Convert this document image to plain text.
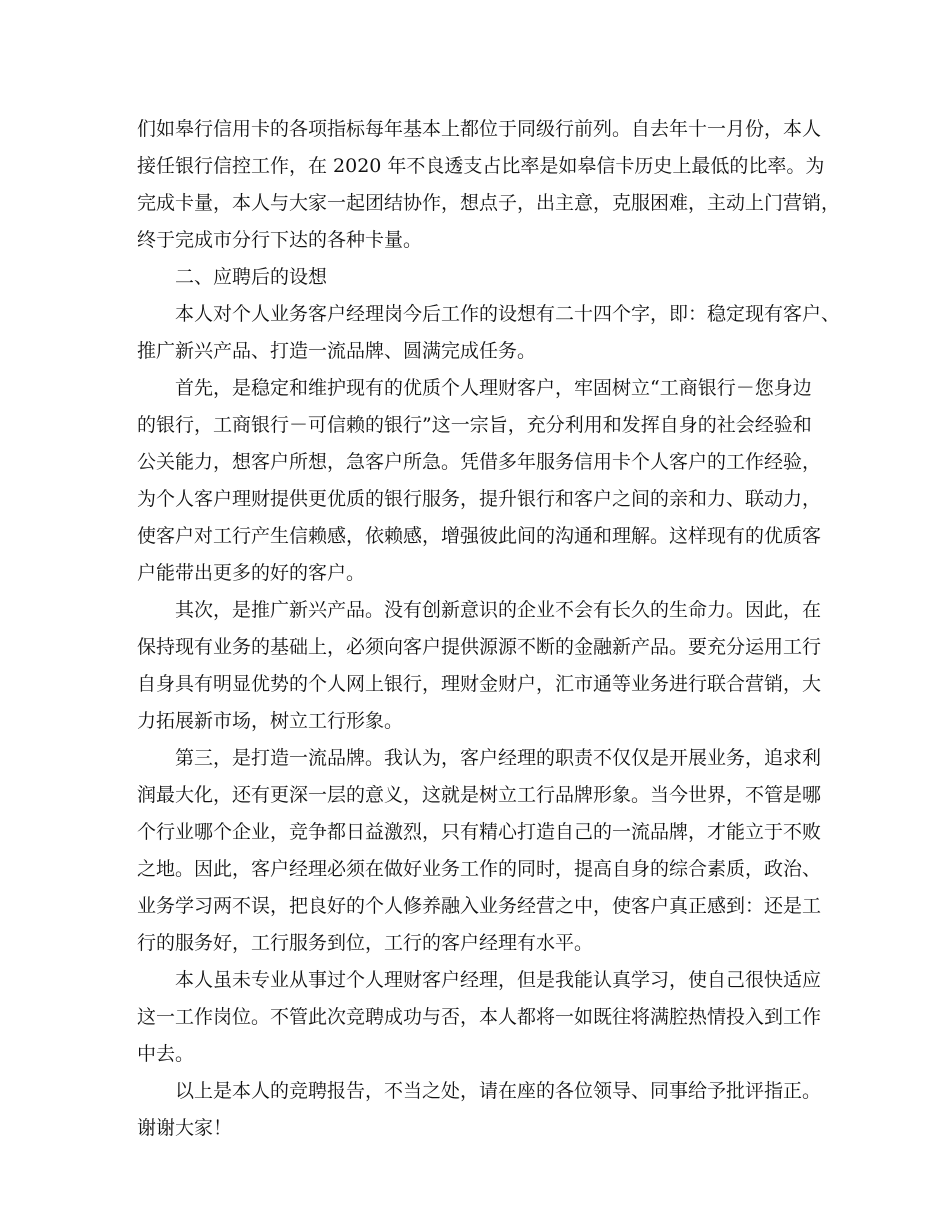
们如皋行信用卡的各项指标每年基本上都位于同级行前列。自去年十一月份，本人
接任银行信控工作，在 2020 年不良透支占比率是如皋信卡历史上最低的比率。为
完成卡量，本人与大家一起团结协作，想点子，出主意，克服困难，主动上门营销，
终于完成市分行下达的各种卡量。
二、应聘后的设想
本人对个人业务客户经理岗今后工作的设想有二十四个字，即：稳定现有客户、
推广新兴产品、打造一流品牌、圆满完成任务。
首先，是稳定和维护现有的优质个人理财客户，牢固树立“工商银行－您身边
的银行，工商银行－可信赖的银行”这一宗旨，充分利用和发挥自身的社会经验和
公关能力，想客户所想，急客户所急。凭借多年服务信用卡个人客户的工作经验，
为个人客户理财提供更优质的银行服务，提升银行和客户之间的亲和力、联动力，
使客户对工行产生信赖感，依赖感，增强彼此间的沟通和理解。这样现有的优质客
户能带出更多的好的客户。
其次，是推广新兴产品。没有创新意识的企业不会有长久的生命力。因此，在
保持现有业务的基础上，必须向客户提供源源不断的金融新产品。要充分运用工行
自身具有明显优势的个人网上银行，理财金财户，汇市通等业务进行联合营销，大
力拓展新市场，树立工行形象。
第三，是打造一流品牌。我认为，客户经理的职责不仅仅是开展业务，追求利
润最大化，还有更深一层的意义，这就是树立工行品牌形象。当今世界，不管是哪
个行业哪个企业，竞争都日益激烈，只有精心打造自己的一流品牌，才能立于不败
之地。因此，客户经理必须在做好业务工作的同时，提高自身的综合素质，政治、
业务学习两不误，把良好的个人修养融入业务经营之中，使客户真正感到：还是工
行的服务好，工行服务到位，工行的客户经理有水平。
本人虽未专业从事过个人理财客户经理，但是我能认真学习，使自己很快适应
这一工作岗位。不管此次竞聘成功与否，本人都将一如既往将满腔热情投入到工作
中去。
以上是本人的竞聘报告，不当之处，请在座的各位领导、同事给予批评指正。
谢谢大家！
